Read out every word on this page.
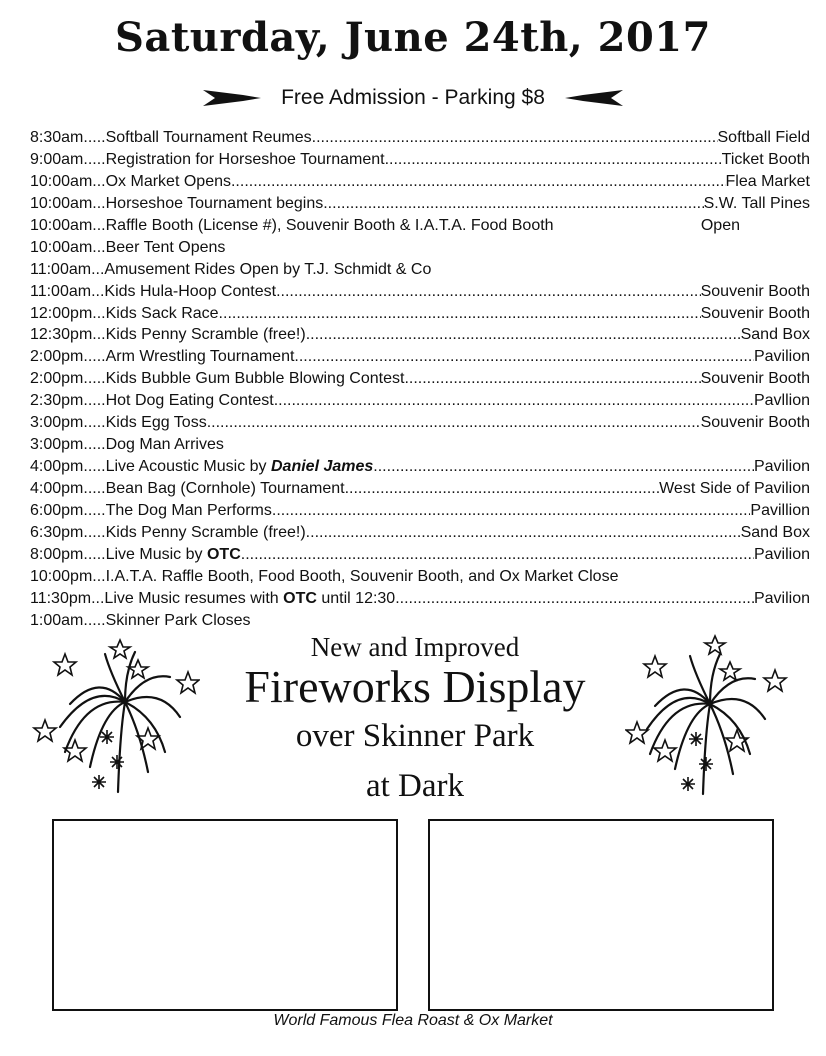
Saturday, June 24th, 2017
Free Admission - Parking $8
8:30am..... Softball Tournament Reumes .....	Softball Field
9:00am..... Registration for Horseshoe Tournament .....	Ticket Booth
10:00am... Ox Market Opens .....	Flea Market
10:00am... Horseshoe Tournament begins .....	S.W. Tall Pines
10:00am... Raffle Booth (License #), Souvenir Booth & I.A.T.A. Food Booth	Open
10:00am... Beer Tent Opens
11:00am... Amusement Rides Open by T.J. Schmidt & Co
11:00am... Kids Hula-Hoop Contest .....	Souvenir Booth
12:00pm... Kids Sack Race .....	Souvenir Booth
12:30pm... Kids Penny Scramble (free!) .....	Sand Box
2:00pm..... Arm Wrestling Tournament .....	Pavilion
2:00pm..... Kids Bubble Gum Bubble Blowing Contest .....	Souvenir Booth
2:30pm..... Hot Dog Eating Contest .....	Pavllion
3:00pm..... Kids Egg Toss .....	Souvenir Booth
3:00pm..... Dog Man Arrives
4:00pm..... Live Acoustic Music by Daniel James .....	Pavilion
4:00pm..... Bean Bag (Cornhole) Tournament .....	West Side of Pavilion
6:00pm..... The Dog Man Performs .....	Pavillion
6:30pm..... Kids Penny Scramble (free!) .....	Sand Box
8:00pm..... Live Music by OTC .....	Pavilion
10:00pm... I.A.T.A. Raffle Booth, Food Booth, Souvenir Booth, and Ox Market Close
11:30pm... Live Music resumes with OTC until 12:30 .....	Pavilion
1:00am..... Skinner Park Closes
New and Improved
Fireworks Display
over Skinner Park
at Dark
World Famous Flea Roast & Ox Market
